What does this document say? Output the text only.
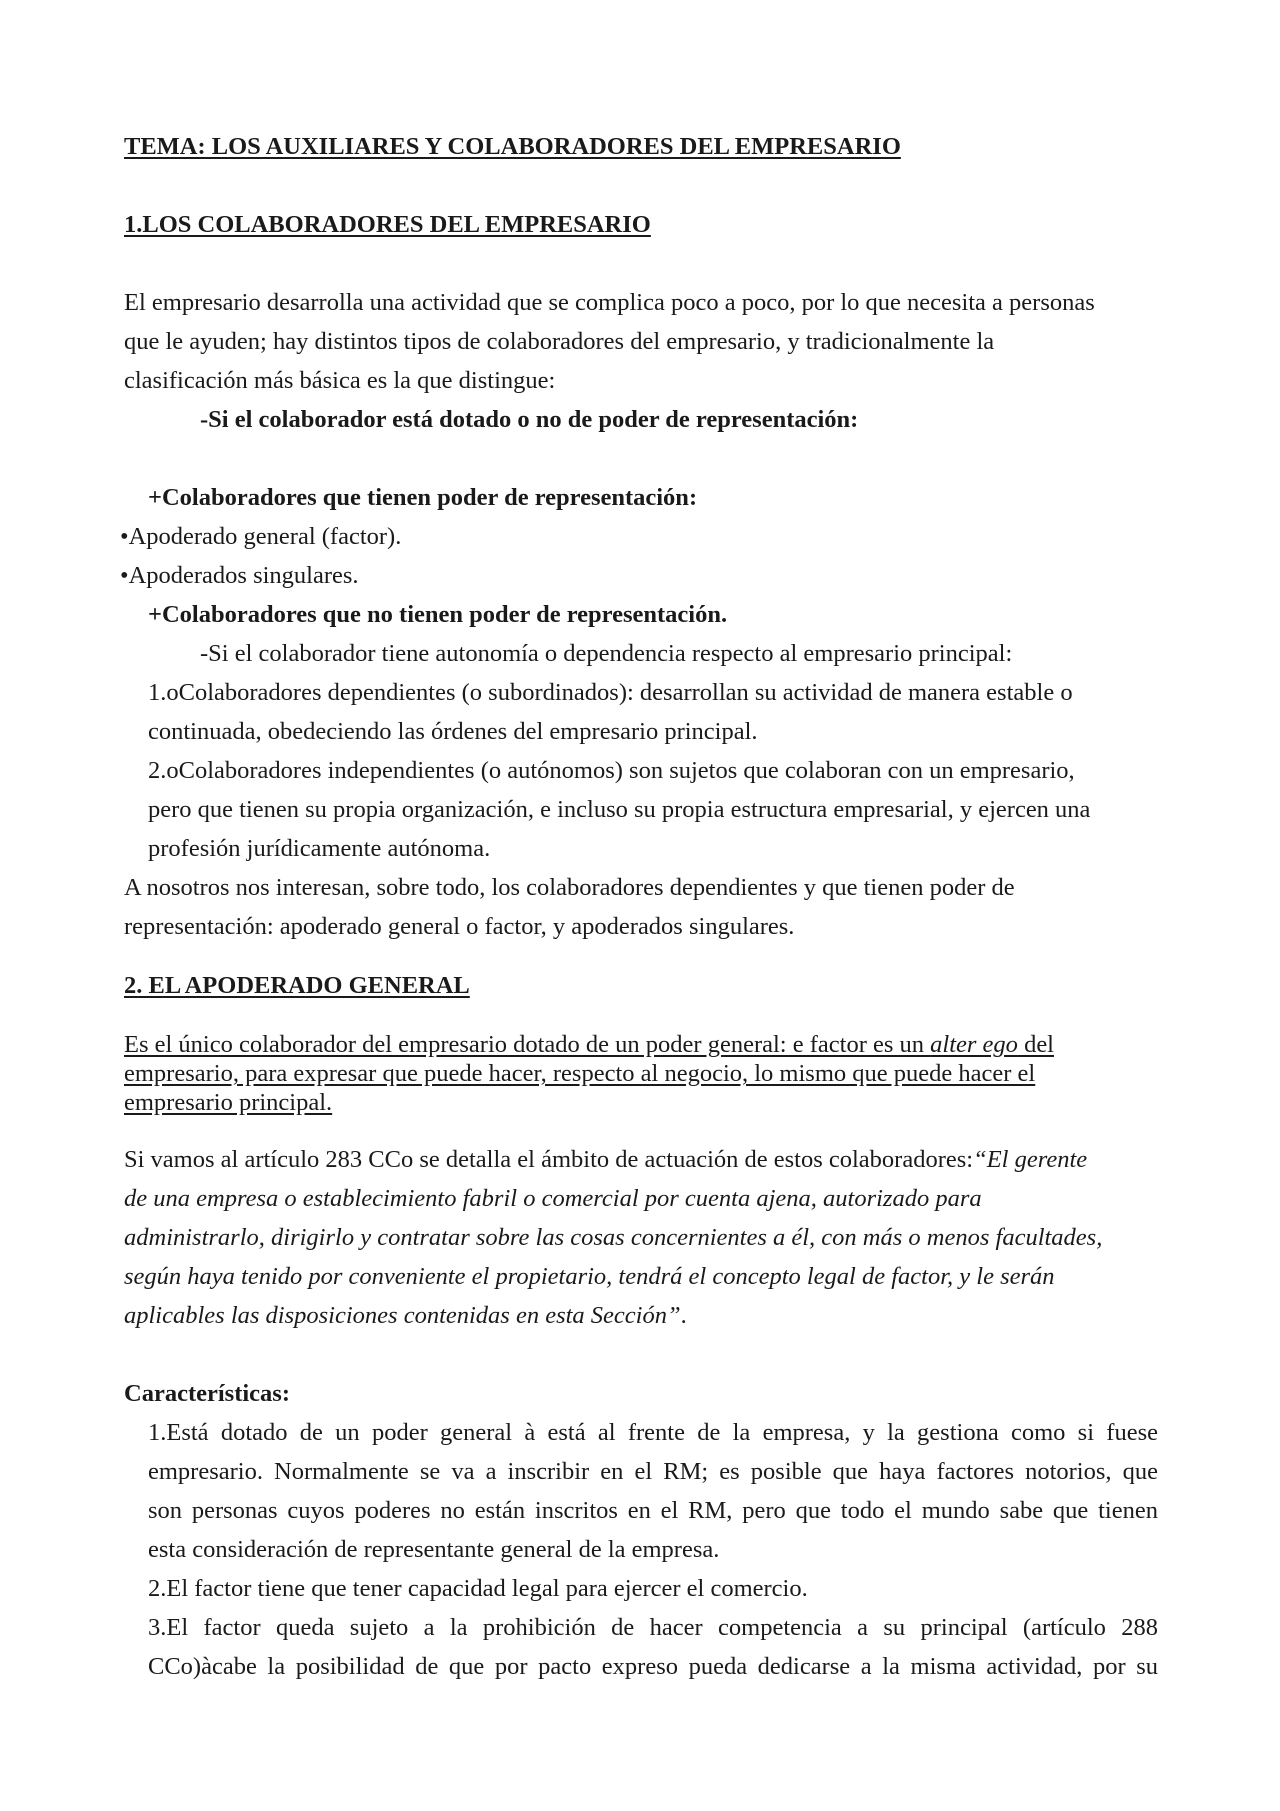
TEMA: LOS AUXILIARES Y COLABORADORES DEL EMPRESARIO
1.LOS COLABORADORES DEL EMPRESARIO
El empresario desarrolla una actividad que se complica poco a poco, por lo que necesita a personas
que le ayuden; hay distintos tipos de colaboradores del empresario, y tradicionalmente la
clasificación más básica es la que distingue:
-Si el colaborador está dotado o no de poder de representación:
+Colaboradores que tienen poder de representación:
•Apoderado general (factor).
•Apoderados singulares.
+Colaboradores que no tienen poder de representación.
-Si el colaborador tiene autonomía o dependencia respecto al empresario principal:
1.oColaboradores dependientes (o subordinados): desarrollan su actividad de manera estable o
continuada, obedeciendo las órdenes del empresario principal.
2.oColaboradores independientes (o autónomos) son sujetos que colaboran con un empresario,
pero que tienen su propia organización, e incluso su propia estructura empresarial, y ejercen una
profesión jurídicamente autónoma.
A nosotros nos interesan, sobre todo, los colaboradores dependientes y que tienen poder de
representación: apoderado general o factor, y apoderados singulares.
2. EL APODERADO GENERAL
Es el único colaborador del empresario dotado de un poder general: e factor es un alter ego del
empresario, para expresar que puede hacer, respecto al negocio, lo mismo que puede hacer el
empresario principal.
Si vamos al artículo 283 CCo se detalla el ámbito de actuación de estos colaboradores:“El gerente
de una empresa o establecimiento fabril o comercial por cuenta ajena, autorizado para
administrarlo, dirigirlo y contratar sobre las cosas concernientes a él, con más o menos facultades,
según haya tenido por conveniente el propietario, tendrá el concepto legal de factor, y le serán
aplicables las disposiciones contenidas en esta Sección”.
Características:
1.Está dotado de un poder general à está al frente de la empresa, y la gestiona como si fuese
empresario. Normalmente se va a inscribir en el RM; es posible que haya factores notorios, que
son personas cuyos poderes no están inscritos en el RM, pero que todo el mundo sabe que tienen
esta consideración de representante general de la empresa.
2.El factor tiene que tener capacidad legal para ejercer el comercio.
3.El factor queda sujeto a la prohibición de hacer competencia a su principal (artículo 288
CCo)àcabe la posibilidad de que por pacto expreso pueda dedicarse a la misma actividad, por su
